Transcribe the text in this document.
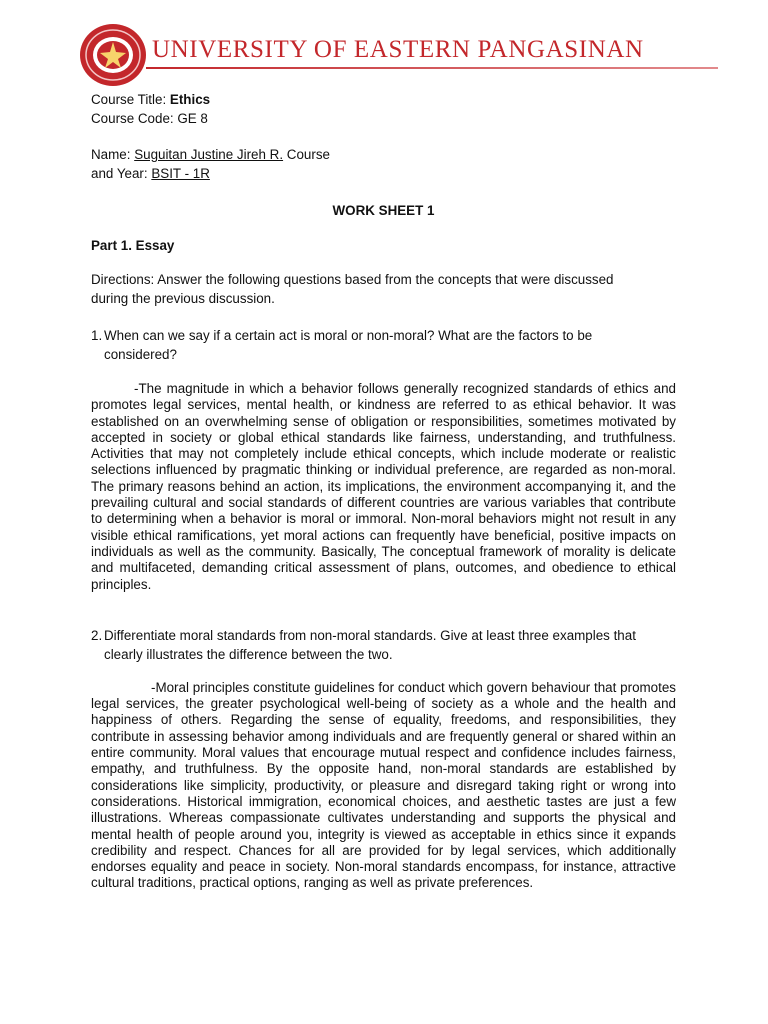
UNIVERSITY OF EASTERN PANGASINAN
Course Title: Ethics
Course Code: GE 8
Name: Suguitan Justine Jireh R. Course
and Year: BSIT - 1R
WORK SHEET 1
Part 1. Essay
Directions: Answer the following questions based from the concepts that were discussed
during the previous discussion.
1. When can we say if a certain act is moral or non-moral? What are the factors to be
considered?
-The magnitude in which a behavior follows generally recognized standards of ethics and promotes legal services, mental health, or kindness are referred to as ethical behavior. It was established on an overwhelming sense of obligation or responsibilities, sometimes motivated by accepted in society or global ethical standards like fairness, understanding, and truthfulness. Activities that may not completely include ethical concepts, which include moderate or realistic selections influenced by pragmatic thinking or individual preference, are regarded as non-moral. The primary reasons behind an action, its implications, the environment accompanying it, and the prevailing cultural and social standards of different countries are various variables that contribute to determining when a behavior is moral or immoral. Non-moral behaviors might not result in any visible ethical ramifications, yet moral actions can frequently have beneficial, positive impacts on individuals as well as the community. Basically, The conceptual framework of morality is delicate and multifaceted, demanding critical assessment of plans, outcomes, and obedience to ethical principles.
2. Differentiate moral standards from non-moral standards. Give at least three examples that
clearly illustrates the difference between the two.
-Moral principles constitute guidelines for conduct which govern behaviour that promotes legal services, the greater psychological well-being of society as a whole and the health and happiness of others. Regarding the sense of equality, freedoms, and responsibilities, they contribute in assessing behavior among individuals and are frequently general or shared within an entire community. Moral values that encourage mutual respect and confidence includes fairness, empathy, and truthfulness. By the opposite hand, non-moral standards are established by considerations like simplicity, productivity, or pleasure and disregard taking right or wrong into considerations. Historical immigration, economical choices, and aesthetic tastes are just a few illustrations. Whereas compassionate cultivates understanding and supports the physical and mental health of people around you, integrity is viewed as acceptable in ethics since it expands credibility and respect. Chances for all are provided for by legal services, which additionally endorses equality and peace in society. Non-moral standards encompass, for instance, attractive cultural traditions, practical options, ranging as well as private preferences.
